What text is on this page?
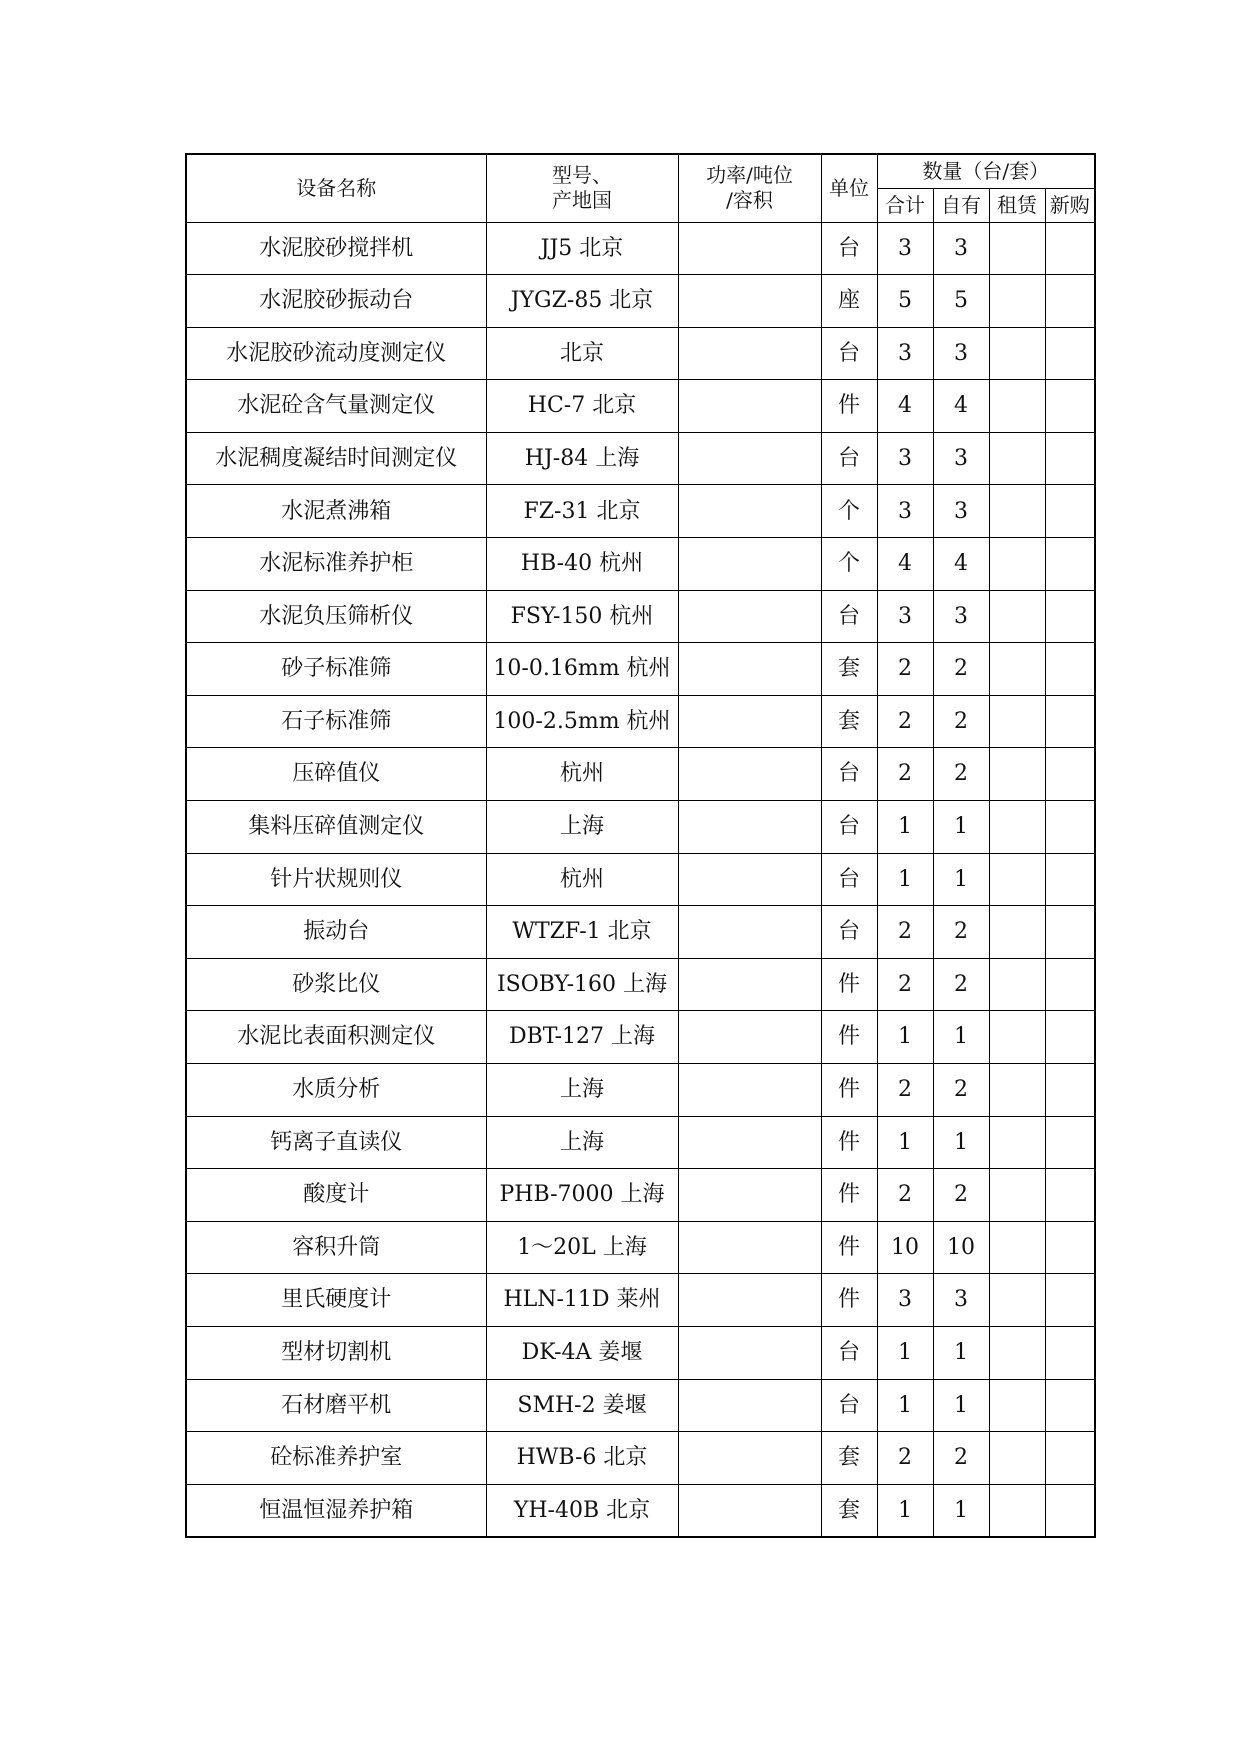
设备名称	型号、
产地国	功率/吨位
/容积	单位	数量（台/套）			
				合计	自有	租赁	新购
水泥胶砂搅拌机	JJ5 北京		台	3	3		
水泥胶砂振动台	JYGZ-85 北京		座	5	5		
水泥胶砂流动度测定仪	北京		台	3	3		
水泥砼含气量测定仪	HC-7 北京		件	4	4		
水泥稠度凝结时间测定仪	HJ-84 上海		台	3	3		
水泥煮沸箱	FZ-31 北京		个	3	3		
水泥标准养护柜	HB-40 杭州		个	4	4		
水泥负压筛析仪	FSY-150 杭州		台	3	3		
砂子标准筛	10-0.16mm 杭州		套	2	2		
石子标准筛	100-2.5mm 杭州		套	2	2		
压碎值仪	杭州		台	2	2		
集料压碎值测定仪	上海		台	1	1		
针片状规则仪	杭州		台	1	1		
振动台	WTZF-1 北京		台	2	2		
砂浆比仪	ISOBY-160 上海		件	2	2		
水泥比表面积测定仪	DBT-127 上海		件	1	1		
水质分析	上海		件	2	2		
钙离子直读仪	上海		件	1	1		
酸度计	PHB-7000 上海		件	2	2		
容积升筒	1～20L 上海		件	10	10		
里氏硬度计	HLN-11D 莱州		件	3	3		
型材切割机	DK-4A 姜堰		台	1	1		
石材磨平机	SMH-2 姜堰		台	1	1		
砼标准养护室	HWB-6 北京		套	2	2		
恒温恒湿养护箱	YH-40B 北京		套	1	1		
